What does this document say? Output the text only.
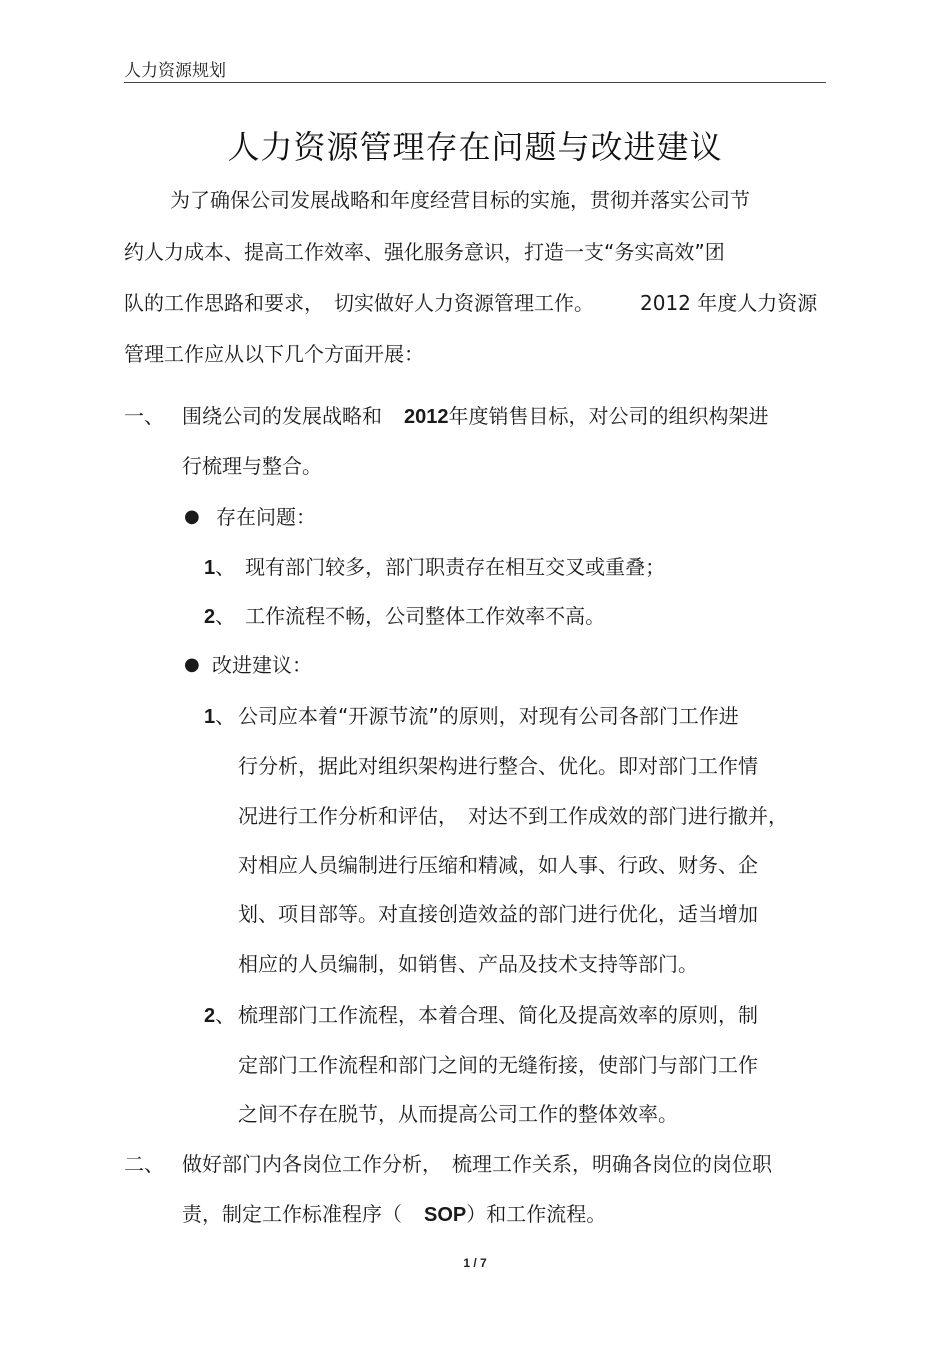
人力资源规划
人力资源管理存在问题与改进建议
为了确保公司发展战略和年度经营目标的实施，贯彻并落实公司节
约人力成本、提高工作效率、强化服务意识，打造一支“务实高效”团
队的工作思路和要求，　切实做好人力资源管理工作。 2012 年度人力资源
管理工作应从以下几个方面开展：
一、 围绕公司的发展战略和 2012年度销售目标，对公司的组织构架进
行梳理与整合。
● 存在问题：
1、 现有部门较多，部门职责存在相互交叉或重叠；
2、 工作流程不畅，公司整体工作效率不高。
● 改进建议：
1、 公司应本着“开源节流”的原则，对现有公司各部门工作进
行分析，据此对组织架构进行整合、优化。即对部门工作情
况进行工作分析和评估，　对达不到工作成效的部门进行撤并，
对相应人员编制进行压缩和精减，如人事、行政、财务、企
划、项目部等。对直接创造效益的部门进行优化，适当增加
相应的人员编制，如销售、产品及技术支持等部门。
2、 梳理部门工作流程，本着合理、简化及提高效率的原则，制
定部门工作流程和部门之间的无缝衔接，使部门与部门工作
之间不存在脱节，从而提高公司工作的整体效率。
二、 做好部门内各岗位工作分析，　梳理工作关系，明确各岗位的岗位职
责，制定工作标准程序（ SOP）和工作流程。
1 / 7
